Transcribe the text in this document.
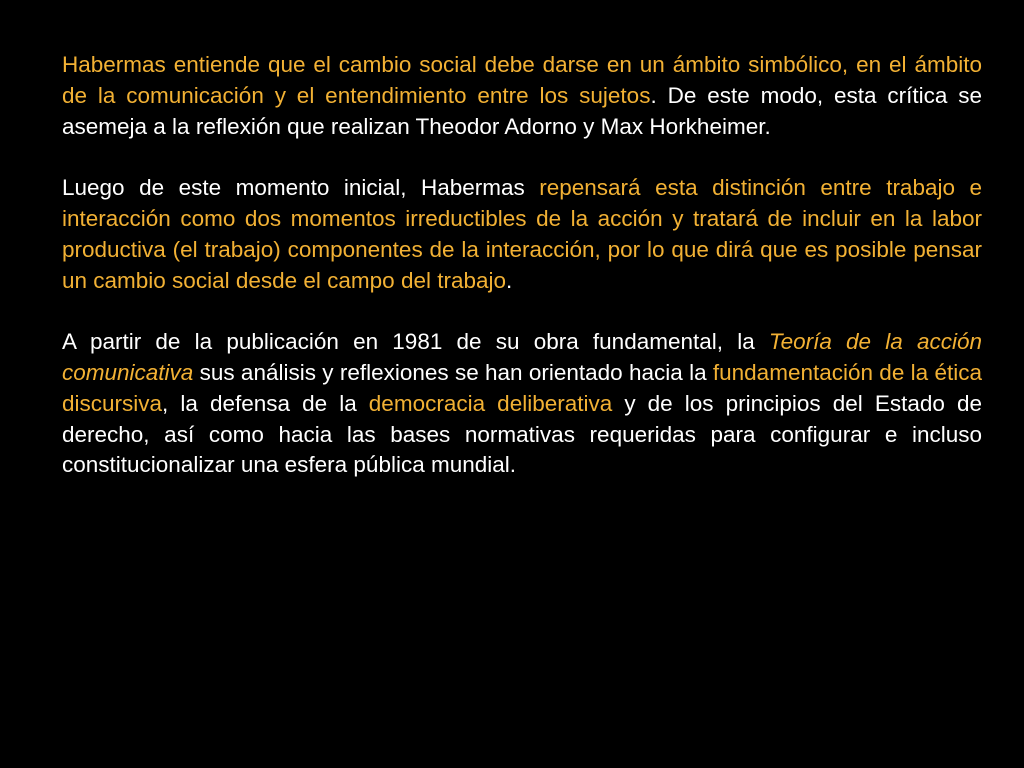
Habermas entiende que el cambio social debe darse en un ámbito simbólico, en el ámbito de la comunicación y el entendimiento entre los sujetos. De este modo, esta crítica se asemeja a la reflexión que realizan Theodor Adorno y Max Horkheimer.

Luego de este momento inicial, Habermas repensará esta distinción entre trabajo e interacción como dos momentos irreductibles de la acción y tratará de incluir en la labor productiva (el trabajo) componentes de la interacción, por lo que dirá que es posible pensar un cambio social desde el campo del trabajo.

A partir de la publicación en 1981 de su obra fundamental, la Teoría de la acción comunicativa sus análisis y reflexiones se han orientado hacia la fundamentación de la ética discursiva, la defensa de la democracia deliberativa y de los principios del Estado de derecho, así como hacia las bases normativas requeridas para configurar e incluso constitucionalizar una esfera pública mundial.
